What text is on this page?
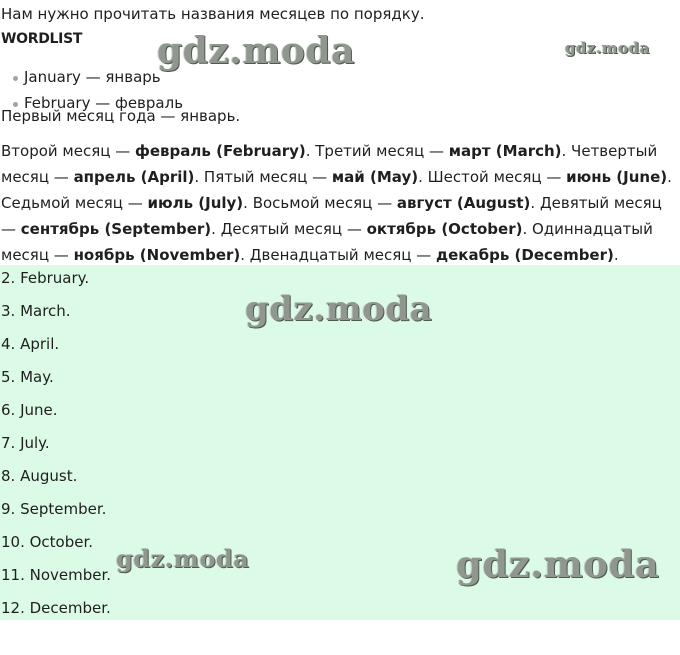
Нам нужно прочитать названия месяцев по порядку.
WORDLIST
January — январь
February — февраль
Первый месяц года — январь.
Второй месяц — февраль (February). Третий месяц — март (March). Четвертый месяц — апрель (April). Пятый месяц — май (May). Шестой месяц — июнь (June). Седьмой месяц — июль (July). Восьмой месяц — август (August). Девятый месяц — сентябрь (September). Десятый месяц — октябрь (October). Одиннадцатый месяц — ноябрь (November). Двенадцатый месяц — декабрь (December).
2. February.
3. March.
4. April.
5. May.
6. June.
7. July.
8. August.
9. September.
10. October.
11. November.
12. December.
gdz.moda	gdz.moda
gdz.moda
gdz.moda	gdz.moda
